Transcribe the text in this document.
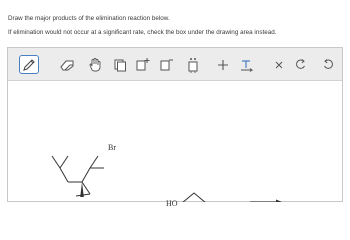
Draw the major products of the elimination reaction below.
If elimination would not occur at a significant rate, check the box under the drawing area instead.
Br
HO
